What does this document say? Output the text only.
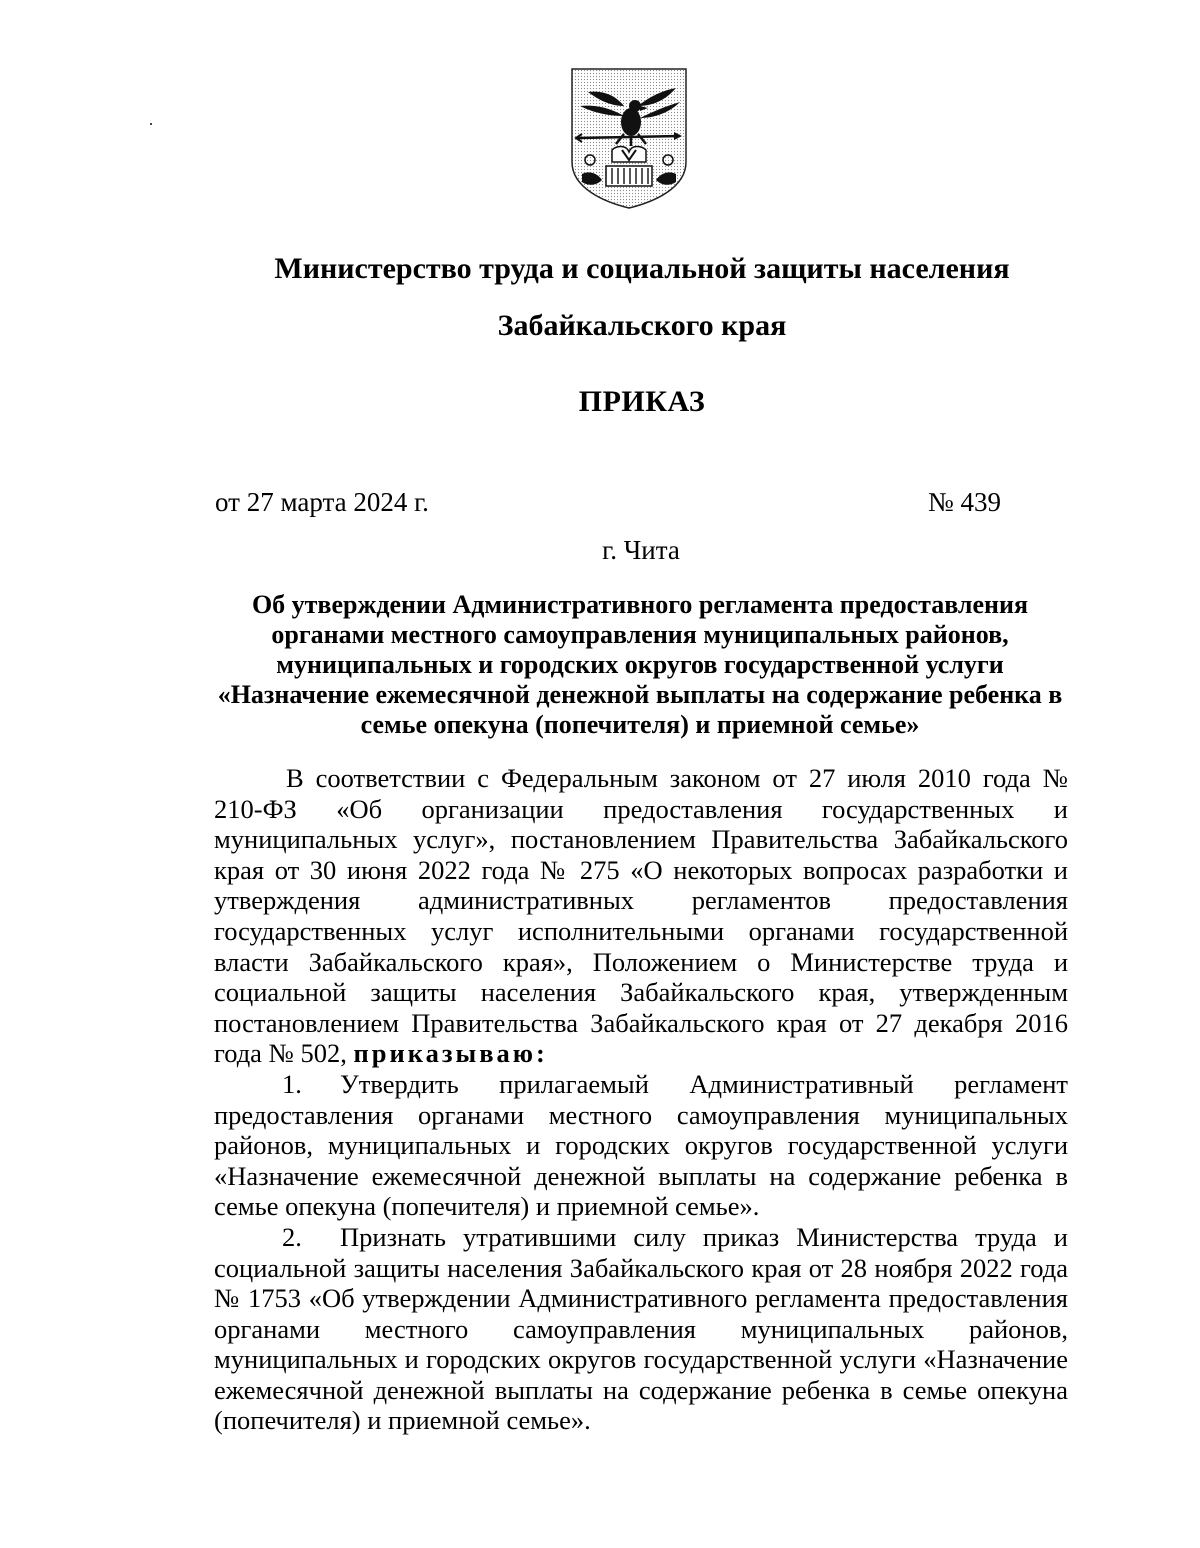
Министерство труда и социальной защиты населения
Забайкальского края
ПРИКАЗ
от 27 марта 2024 г.	№ 439
г. Чита
Об утверждении Административного регламента предоставления
органами местного самоуправления муниципальных районов,
муниципальных и городских округов государственной услуги
«Назначение ежемесячной денежной выплаты на содержание ребенка в
семье опекуна (попечителя) и приемной семье»

В соответствии с Федеральным законом от 27 июля 2010 года № 210-ФЗ «Об организации предоставления государственных и муниципальных услуг», постановлением Правительства Забайкальского края от 30 июня 2022 года № 275 «О некоторых вопросах разработки и утверждения административных регламентов предоставления государственных услуг исполнительными органами государственной власти Забайкальского края», Положением о Министерстве труда и социальной защиты населения Забайкальского края, утвержденным постановлением Правительства Забайкальского края от 27 декабря 2016 года № 502, приказываю:

1. Утвердить прилагаемый Административный регламент предоставления органами местного самоуправления муниципальных районов, муниципальных и городских округов государственной услуги «Назначение ежемесячной денежной выплаты на содержание ребенка в семье опекуна (попечителя) и приемной семье».

2. Признать утратившими силу приказ Министерства труда и социальной защиты населения Забайкальского края от 28 ноября 2022 года № 1753 «Об утверждении Административного регламента предоставления органами местного самоуправления муниципальных районов, муниципальных и городских округов государственной услуги «Назначение ежемесячной денежной выплаты на содержание ребенка в семье опекуна (попечителя) и приемной семье».
